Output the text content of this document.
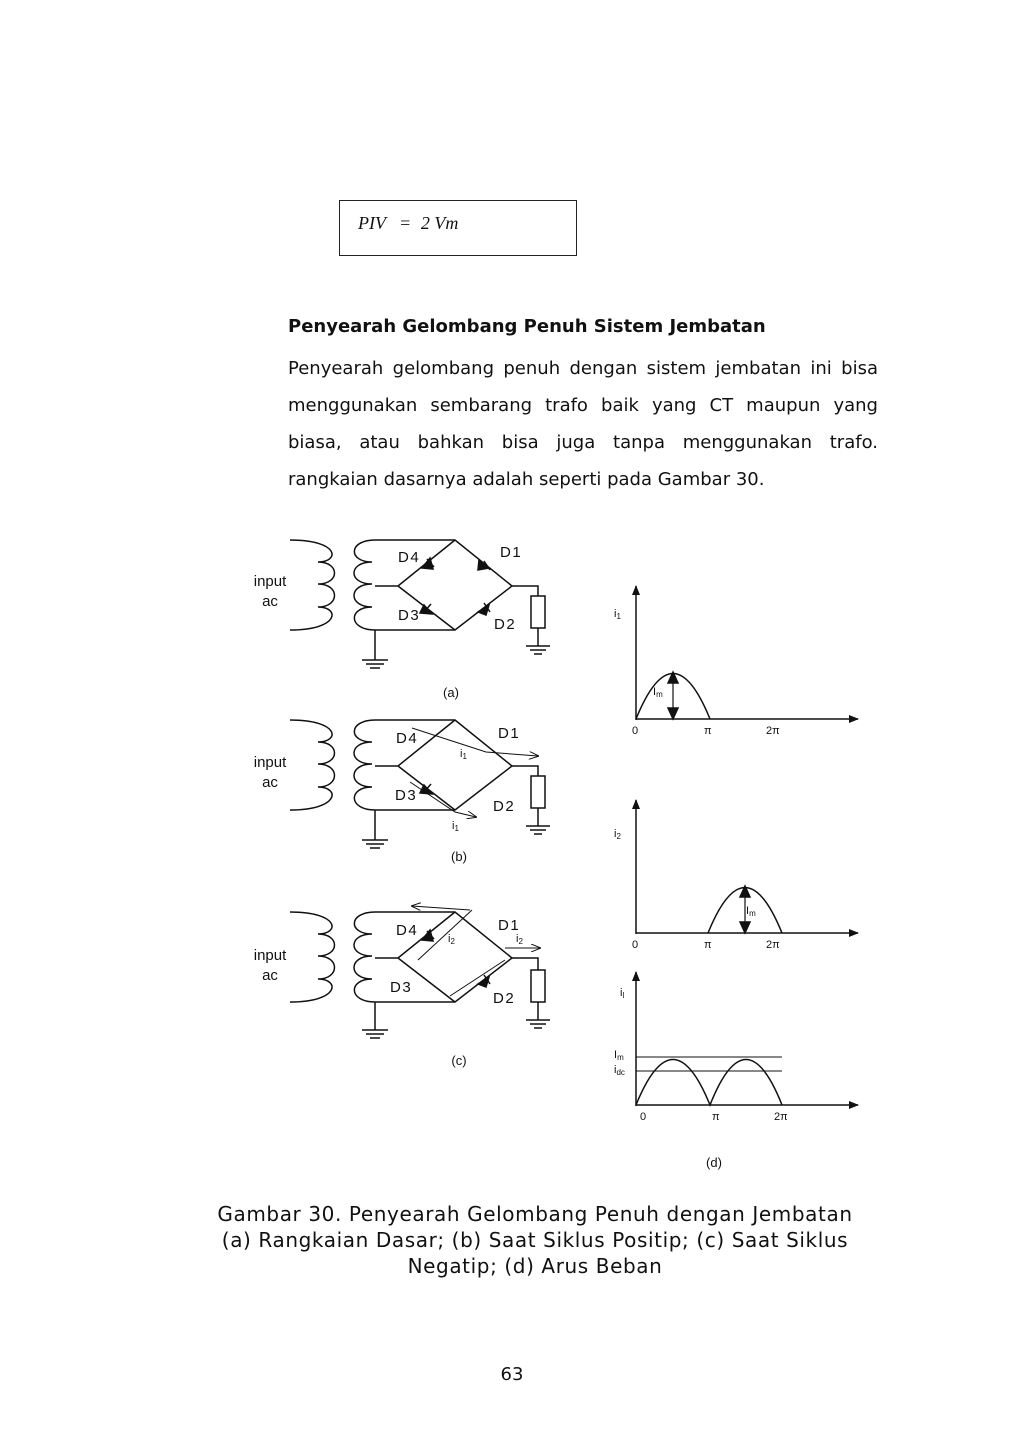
PIV = 2 Vm
Penyearah Gelombang Penuh Sistem Jembatan
Penyearah gelombang penuh dengan sistem jembatan ini bisa
menggunakan sembarang trafo baik yang CT maupun yang
biasa, atau bahkan bisa juga tanpa menggunakan trafo.
rangkaian dasarnya adalah seperti pada Gambar 30.
input
ac
input
ac
input
ac
D4	D1
D3
D2
D4	D1
D3
D2
D4	D1
D3
D2
(a)
(b)
(c)
(d)
i1
i1
i2	i2
i1
i2
il
Im
Im
Im
idc
0	π	2π
0	π	2π
0	π	2π
Gambar 30. Penyearah Gelombang Penuh dengan Jembatan
(a) Rangkaian Dasar; (b) Saat Siklus Positip; (c) Saat Siklus
Negatip; (d) Arus Beban
63
